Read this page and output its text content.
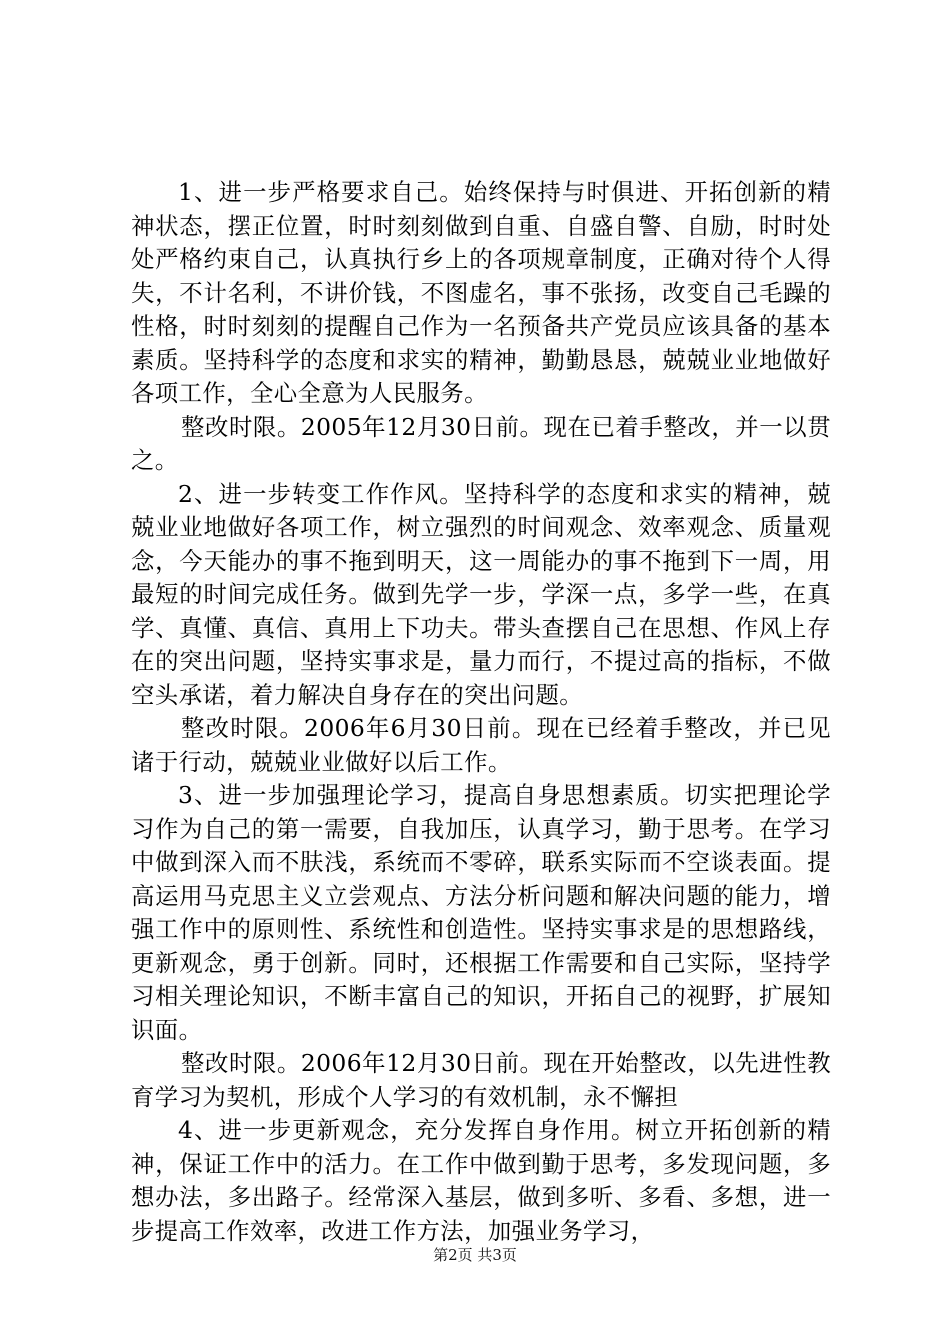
1、进一步严格要求自己。始终保持与时俱进、开拓创新的精神状态，摆正位置，时时刻刻做到自重、自盛自警、自励，时时处处严格约束自己，认真执行乡上的各项规章制度，正确对待个人得失，不计名利，不讲价钱，不图虚名，事不张扬，改变自己毛躁的性格，时时刻刻的提醒自己作为一名预备共产党员应该具备的基本素质。坚持科学的态度和求实的精神，勤勤恳恳，兢兢业业地做好各项工作，全心全意为人民服务。

整改时限。2005年12月30日前。现在已着手整改，并一以贯之。

2、进一步转变工作作风。坚持科学的态度和求实的精神，兢兢业业地做好各项工作，树立强烈的时间观念、效率观念、质量观念，今天能办的事不拖到明天，这一周能办的事不拖到下一周，用最短的时间完成任务。做到先学一步，学深一点，多学一些，在真学、真懂、真信、真用上下功夫。带头查摆自己在思想、作风上存在的突出问题，坚持实事求是，量力而行，不提过高的指标，不做空头承诺，着力解决自身存在的突出问题。

整改时限。2006年6月30日前。现在已经着手整改，并已见诸于行动，兢兢业业做好以后工作。

3、进一步加强理论学习，提高自身思想素质。切实把理论学习作为自己的第一需要，自我加压，认真学习，勤于思考。在学习中做到深入而不肤浅，系统而不零碎，联系实际而不空谈表面。提高运用马克思主义立尝观点、方法分析问题和解决问题的能力，增强工作中的原则性、系统性和创造性。坚持实事求是的思想路线，更新观念，勇于创新。同时，还根据工作需要和自己实际，坚持学习相关理论知识，不断丰富自己的知识，开拓自己的视野，扩展知识面。

整改时限。2006年12月30日前。现在开始整改，以先进性教育学习为契机，形成个人学习的有效机制，永不懈担

4、进一步更新观念，充分发挥自身作用。树立开拓创新的精神，保证工作中的活力。在工作中做到勤于思考，多发现问题，多想办法，多出路子。经常深入基层，做到多听、多看、多想，进一步提高工作效率，改进工作方法，加强业务学习，

第2页 共3页
